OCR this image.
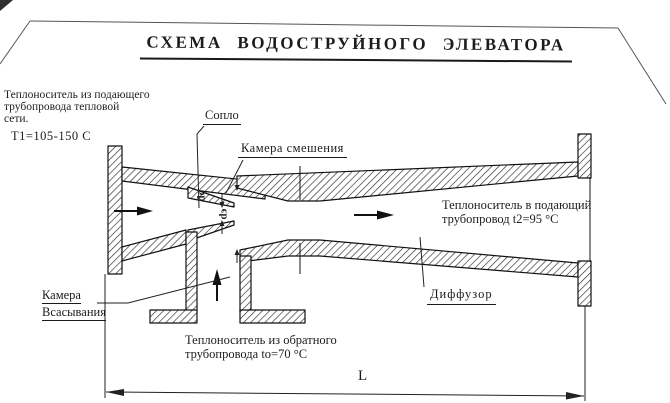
СХЕМА ВОДОСТРУЙНОГО ЭЛЕВАТОРА
Теплоноситель из подающего
трубопровода тепловой
сети.
Т1=105-150 С
Сопло
Камера смешения
Теплоноситель в подающий
трубопровод t2=95 °С
Камера
Всасывания
Теплоноситель из обратного
трубопровода to=70 °С
Диффузор
L
dc
dэ
